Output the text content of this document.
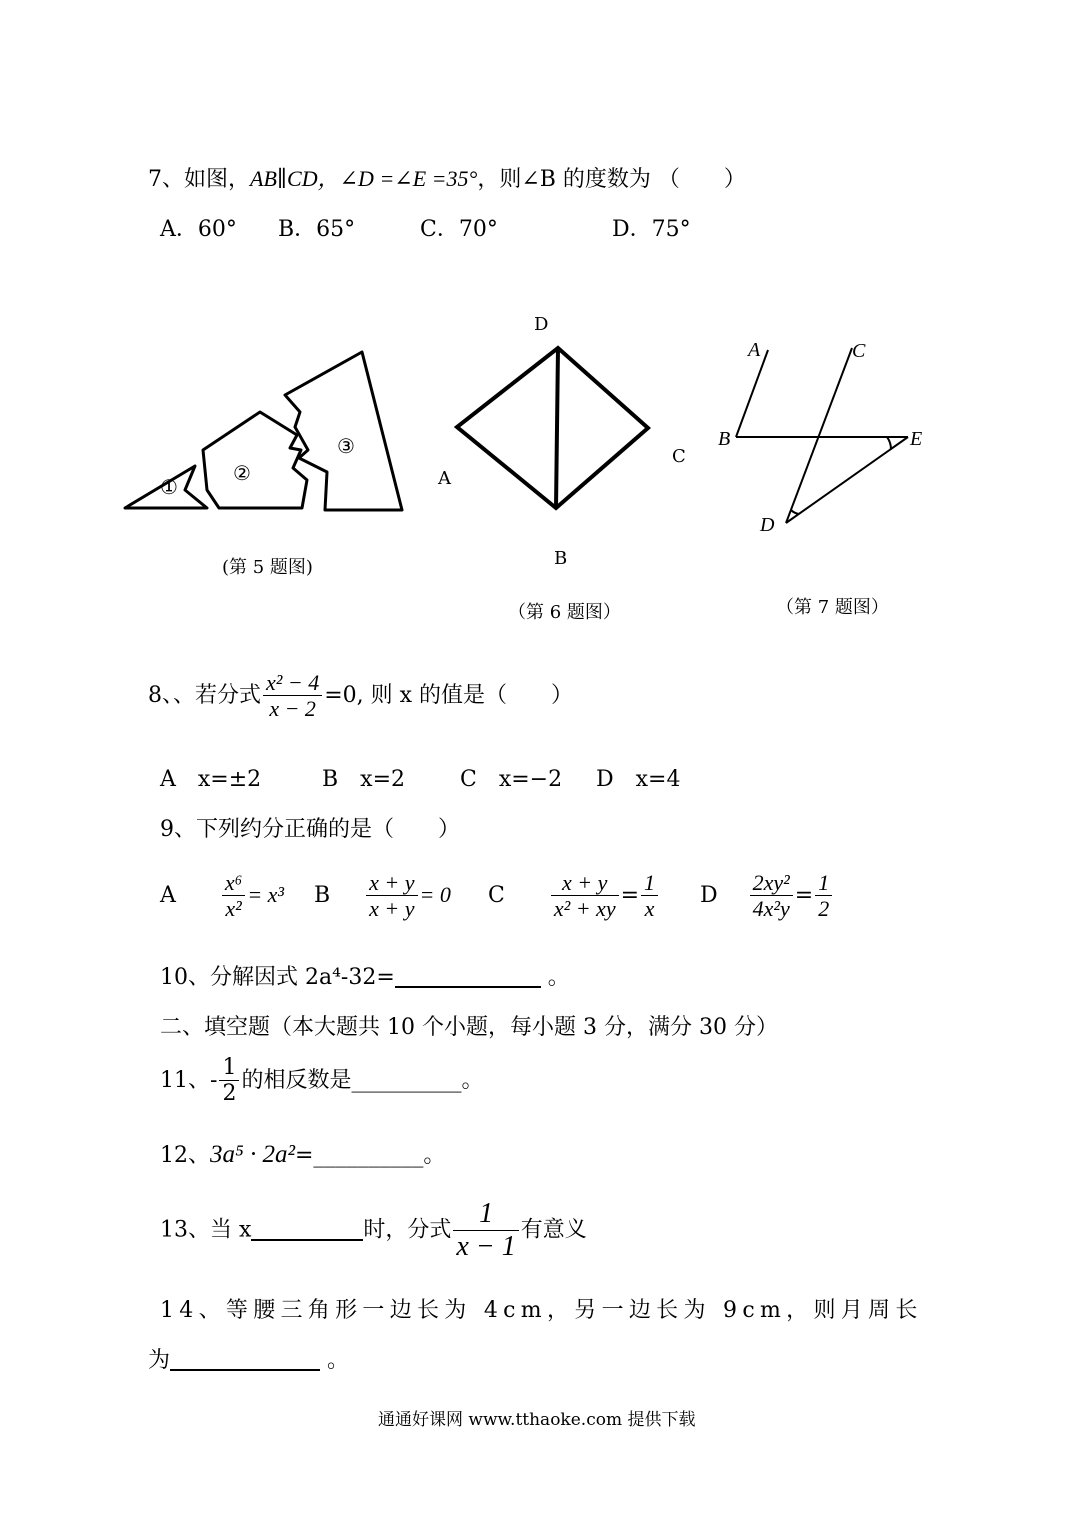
7、如图，AB∥CD，∠D =∠E =35°，则∠B 的度数为 （　　）
A．60° B．65°	C．70°	D．75°
①
②
③
(第 5 题图)
D
A
C
B
（第 6 题图）
A	C
B	E
D
（第 7 题图）
8、、若分式 $\frac{\text{x² − 4}}{x - 2} =0$, 则 x 的值是（　　）
A　x=±2	B　x=2 C　x=−2 D　x=4
9、下列约分正确的是（　　）
A $\frac{\text{x⁶}}{\text{x²}} = x^3$ B $\frac{x + y}{x + y} = 0$ C $\frac{x + y}{\text{x² + xy}} = \frac{1}{x}$ D $\frac{\text{2xy²}}{\text{4x²y}} = \frac{1}{2}$
10、分解因式 2a⁴-32=	。
二、填空题（本大题共 10 个小题，每小题 3 分，满分 30 分）
11、- $\frac{1}{2}$ 的相反数是__________。
12、3a⁵ · 2a²=__________。
13、当 x	时，分式 $\frac{1}{x - 1}$ 有意义
14、等腰三角形一边长为 4cm，另一边长为 9cm，则月周长
为	。
通通好课网 www.tthaoke.com 提供下载
